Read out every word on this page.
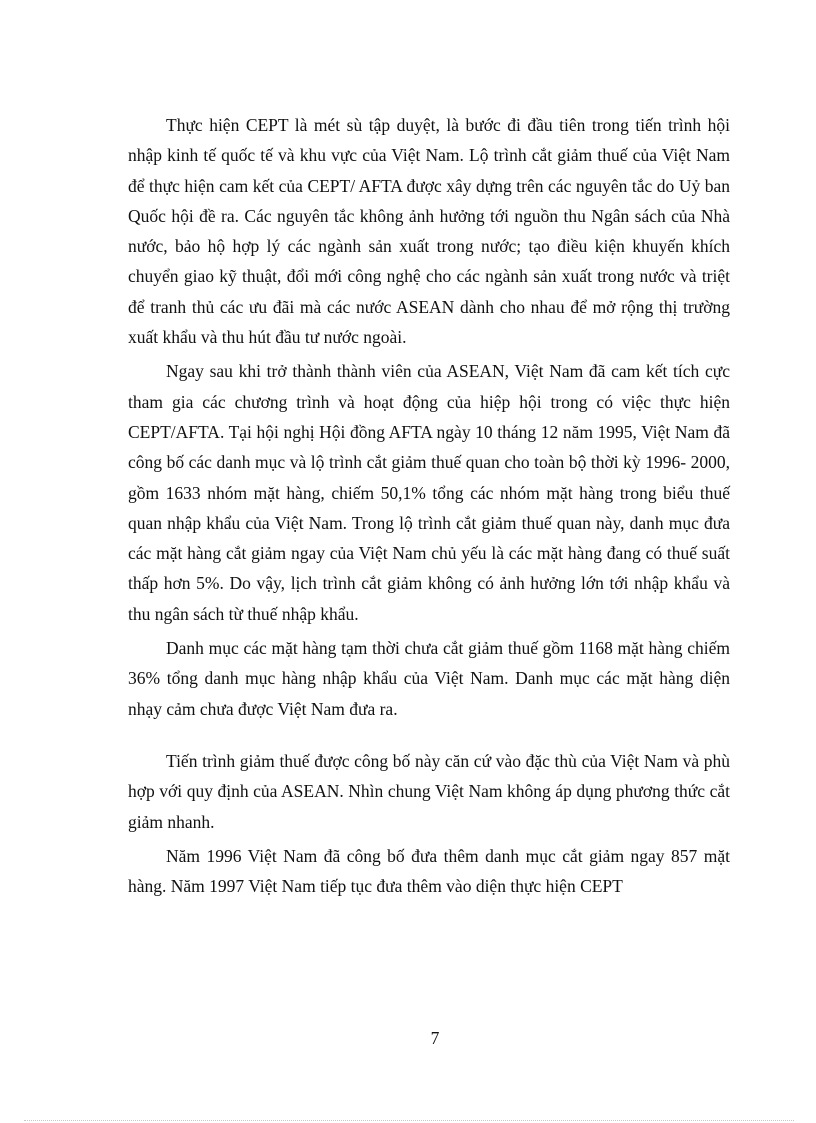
Thực hiện CEPT là mét sù tập duyệt, là bước đi đầu tiên trong tiến trình hội nhập kinh tế quốc tế và khu vực của Việt Nam. Lộ trình cắt giảm thuế của Việt Nam để thực hiện cam kết của CEPT/ AFTA được xây dựng trên các nguyên tắc do Uỷ ban Quốc hội đề ra. Các nguyên tắc không ảnh hưởng tới nguồn thu Ngân sách của Nhà nước, bảo hộ hợp lý các ngành sản xuất trong nước; tạo điều kiện khuyến khích chuyển giao kỹ thuật, đổi mới công nghệ cho các ngành sản xuất trong nước và triệt để tranh thủ các ưu đãi mà các nước ASEAN dành cho nhau để mở rộng thị trường xuất khẩu và thu hút đầu tư nước ngoài.

Ngay sau khi trở thành thành viên của ASEAN, Việt Nam đã cam kết tích cực tham gia các chương trình và hoạt động của hiệp hội trong có việc thực hiện CEPT/AFTA. Tại hội nghị Hội đồng AFTA ngày 10 tháng 12 năm 1995, Việt Nam đã công bố các danh mục và lộ trình cắt giảm thuế quan cho toàn bộ thời kỳ 1996- 2000, gồm 1633 nhóm mặt hàng, chiếm 50,1% tổng các nhóm mặt hàng trong biểu thuế quan nhập khẩu của Việt Nam. Trong lộ trình cắt giảm thuế quan này, danh mục đưa các mặt hàng cắt giảm ngay của Việt Nam chủ yếu là các mặt hàng đang có thuế suất thấp hơn 5%. Do vậy, lịch trình cắt giảm không có ảnh hưởng lớn tới nhập khẩu và thu ngân sách từ thuế nhập khẩu.

Danh mục các mặt hàng tạm thời chưa cắt giảm thuế gồm 1168 mặt hàng chiếm 36% tổng danh mục hàng nhập khẩu của Việt Nam. Danh mục các mặt hàng diện nhạy cảm chưa được Việt Nam đưa ra.

Tiến trình giảm thuế được công bố này căn cứ vào đặc thù của Việt Nam và phù hợp với quy định của ASEAN. Nhìn chung Việt Nam không áp dụng phương thức cắt giảm nhanh.

Năm 1996 Việt Nam đã công bố đưa thêm danh mục cắt giảm ngay 857 mặt hàng. Năm 1997 Việt Nam tiếp tục đưa thêm vào diện thực hiện CEPT

7
